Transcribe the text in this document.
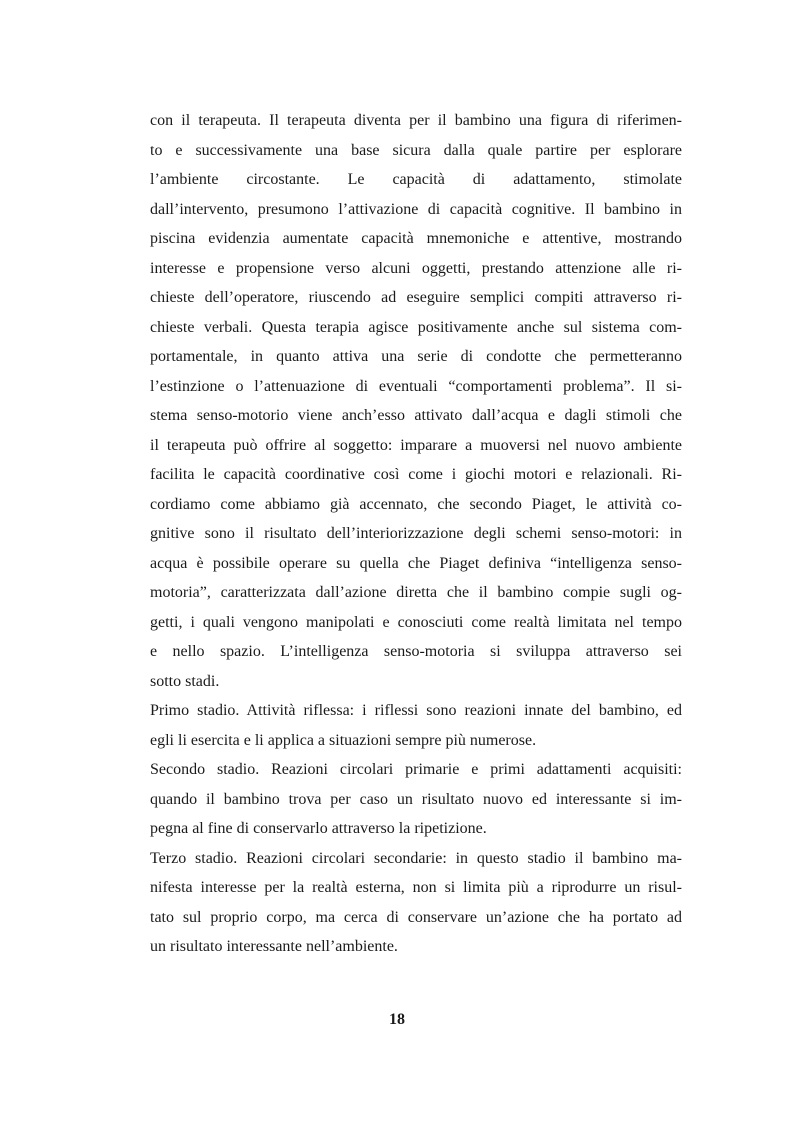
con il terapeuta. Il terapeuta diventa per il bambino una figura di riferimen-
to e successivamente una base sicura dalla quale partire per esplorare
l’ambiente circostante. Le capacità di adattamento, stimolate
dall’intervento, presumono l’attivazione di capacità cognitive. Il bambino in
piscina evidenzia aumentate capacità mnemoniche e attentive, mostrando
interesse e propensione verso alcuni oggetti, prestando attenzione alle ri-
chieste dell’operatore, riuscendo ad eseguire semplici compiti attraverso ri-
chieste verbali. Questa terapia agisce positivamente anche sul sistema com-
portamentale, in quanto attiva una serie di condotte che permetteranno
l’estinzione o l’attenuazione di eventuali “comportamenti problema”. Il si-
stema senso-motorio viene anch’esso attivato dall’acqua e dagli stimoli che
il terapeuta può offrire al soggetto: imparare a muoversi nel nuovo ambiente
facilita le capacità coordinative così come i giochi motori e relazionali. Ri-
cordiamo come abbiamo già accennato, che secondo Piaget, le attività co-
gnitive sono il risultato dell’interiorizzazione degli schemi senso-motori: in
acqua è possibile operare su quella che Piaget definiva “intelligenza senso-
motoria”, caratterizzata dall’azione diretta che il bambino compie sugli og-
getti, i quali vengono manipolati e conosciuti come realtà limitata nel tempo
e nello spazio. L’intelligenza senso-motoria si sviluppa attraverso sei
sotto stadi.
Primo stadio. Attività riflessa: i riflessi sono reazioni innate del bambino, ed
egli li esercita e li applica a situazioni sempre più numerose.
Secondo stadio. Reazioni circolari primarie e primi adattamenti acquisiti:
quando il bambino trova per caso un risultato nuovo ed interessante si im-
pegna al fine di conservarlo attraverso la ripetizione.
Terzo stadio. Reazioni circolari secondarie: in questo stadio il bambino ma-
nifesta interesse per la realtà esterna, non si limita più a riprodurre un risul-
tato sul proprio corpo, ma cerca di conservare un’azione che ha portato ad
un risultato interessante nell’ambiente.
18
